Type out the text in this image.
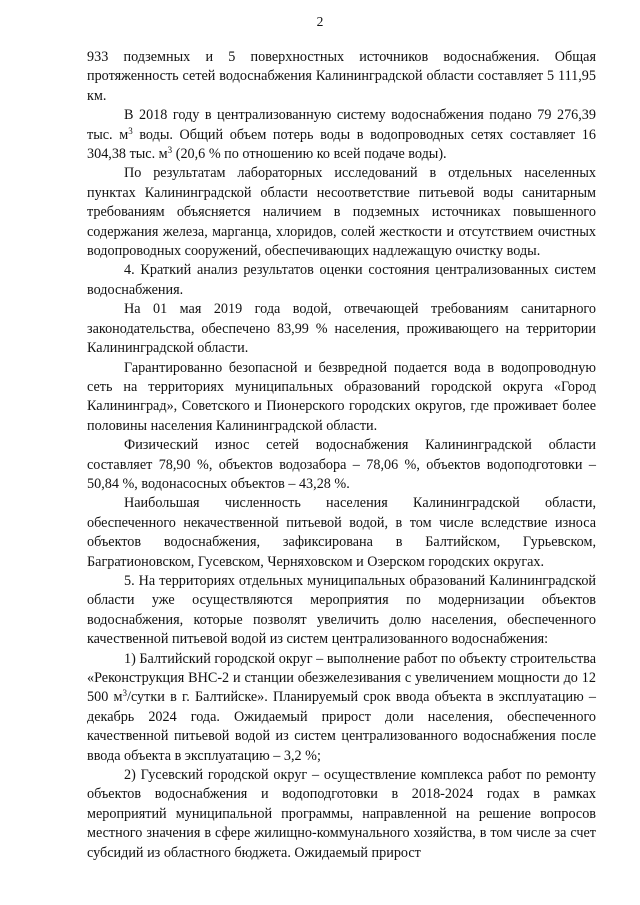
2

933 подземных и 5 поверхностных источников водоснабжения. Общая протяженность сетей водоснабжения Калининградской области составляет 5 111,95 км.

В 2018 году в централизованную систему водоснабжения подано 79 276,39 тыс. $м^3$ воды. Общий объем потерь воды в водопроводных сетях составляет 16 304,38 тыс. $м^3$ (20,6 % по отношению ко всей подаче воды).

По результатам лабораторных исследований в отдельных населенных пунктах Калининградской области несоответствие питьевой воды санитарным требованиям объясняется наличием в подземных источниках повышенного содержания железа, марганца, хлоридов, солей жесткости и отсутствием очистных водопроводных сооружений, обеспечивающих надлежащую очистку воды.

4. Краткий анализ результатов оценки состояния централизованных систем водоснабжения.

На 01 мая 2019 года водой, отвечающей требованиям санитарного законодательства, обеспечено 83,99 % населения, проживающего на территории Калининградской области.

Гарантированно безопасной и безвредной подается вода в водопроводную сеть на территориях муниципальных образований городской округа «Город Калининград», Советского и Пионерского городских округов, где проживает более половины населения Калининградской области.

Физический износ сетей водоснабжения Калининградской области составляет 78,90 %, объектов водозабора – 78,06 %, объектов водоподготовки – 50,84 %, водонасосных объектов – 43,28 %.

Наибольшая численность населения Калининградской области, обеспеченного некачественной питьевой водой, в том числе вследствие износа объектов водоснабжения, зафиксирована в Балтийском, Гурьевском, Багратионовском, Гусевском, Черняховском и Озерском городских округах.

5. На территориях отдельных муниципальных образований Калининградской области уже осуществляются мероприятия по модернизации объектов водоснабжения, которые позволят увеличить долю населения, обеспеченного качественной питьевой водой из систем централизованного водоснабжения:

1) Балтийский городской округ – выполнение работ по объекту строительства «Реконструкция ВНС-2 и станции обезжелезивания с увеличением мощности до 12 500 $м^3$/сутки в г. Балтийске». Планируемый срок ввода объекта в эксплуатацию – декабрь 2024 года. Ожидаемый прирост доли населения, обеспеченного качественной питьевой водой из систем централизованного водоснабжения после ввода объекта в эксплуатацию – 3,2 %;

2) Гусевский городской округ – осуществление комплекса работ по ремонту объектов водоснабжения и водоподготовки в 2018-2024 годах в рамках мероприятий муниципальной программы, направленной на решение вопросов местного значения в сфере жилищно-коммунального хозяйства, в том числе за счет субсидий из областного бюджета. Ожидаемый прирост
